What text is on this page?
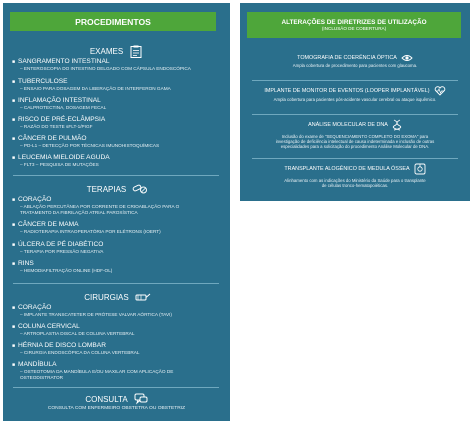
PROCEDIMENTOS
EXAMES
■ SANGRAMENTO INTESTINAL
– ENTEROSCOPIA DO INTESTINO DELGADO COM CÁPSULA ENDOSCÓPICA
■ TUBERCULOSE
– ENSAIO PARA DOSAGEM DA LIBERAÇÃO DE INTERFERON GAMA
■ INFLAMAÇÃO INTESTINAL
– CALPROTECTINA, DOSAGEM FECAL
■ RISCO DE PRÉ-ECLÂMPSIA
– RAZÃO DO TESTE sFLT-1/PIGF
■ CÂNCER DE PULMÃO
– PD-L1 – DETECÇÃO POR TÉCNICAS IMUNOHISTOQUÍMICAS
■ LEUCEMIA MIELOIDE AGUDA
– FLT3 – PESQUISA DE MUTAÇÕES
TERAPIAS
■ CORAÇÃO
– ABLAÇÃO PERCUTÂNEA POR CORRENTE DE CRIOABLAÇÃO PARA O
TRATAMENTO DA FIBRILAÇÃO ATRIAL PAROXÍSTICA
■ CÂNCER DE MAMA
– RADIOTERAPIA INTRAOPERATÓRIA POR ELÉTRONS (IOERT)
■ ÚLCERA DE PÉ DIABÉTICO
– TERAPIA POR PRESSÃO NEGATIVA
■ RINS
– HEMODIAFILTRAÇÃO ONLINE (HDF-OL)
CIRURGIAS
■ CORAÇÃO
– IMPLANTE TRANSCATETER DE PRÓTESE VALVAR AÓRTICA (TAVI)
■ COLUNA CERVICAL
– ARTROPLASTIA DISCAL DE COLUNA VERTEBRAL
■ HÉRNIA DE DISCO LOMBAR
– CIRURGIA ENDOSCÓPICA DA COLUNA VERTEBRAL
■ MANDÍBULA
– OSTEOTOMIA DA MANDÍBULA E/OU MAXILAR COM APLICAÇÃO DE
OSTEODISTRATOR
CONSULTA
CONSULTA COM ENFERMEIRO OBSTETRA OU OBSTETRIZ
ALTERAÇÕES DE DIRETRIZES DE UTILIZAÇÃO
(INCLUSÃO DE COBERTURA)
TOMOGRAFIA DE COERÊNCIA ÓPTICA
Ampla cobertura de procedimento para pacientes com glaucoma.
IMPLANTE DE MONITOR DE EVENTOS (LOOPER IMPLANTÁVEL)
Ampla cobertura para pacientes pós-acidente vascular cerebral ou ataque isquêmico.
ANÁLISE MOLECULAR DE DNA
Inclusão do exame de "SEQUENCIAMENTO COMPLETO DO EXOMA" para
investigação de deficiência intelectual de causa indeterminada e inclusão de outras
especialidades para a solicitação do procedimento Análise Molecular de DNA.
TRANSPLANTE ALOGÊNICO DE MEDULA ÓSSEA
Alinhamento com as indicações do Ministério da Saúde para o transplante
de células tronco-hematopoiéticas.
